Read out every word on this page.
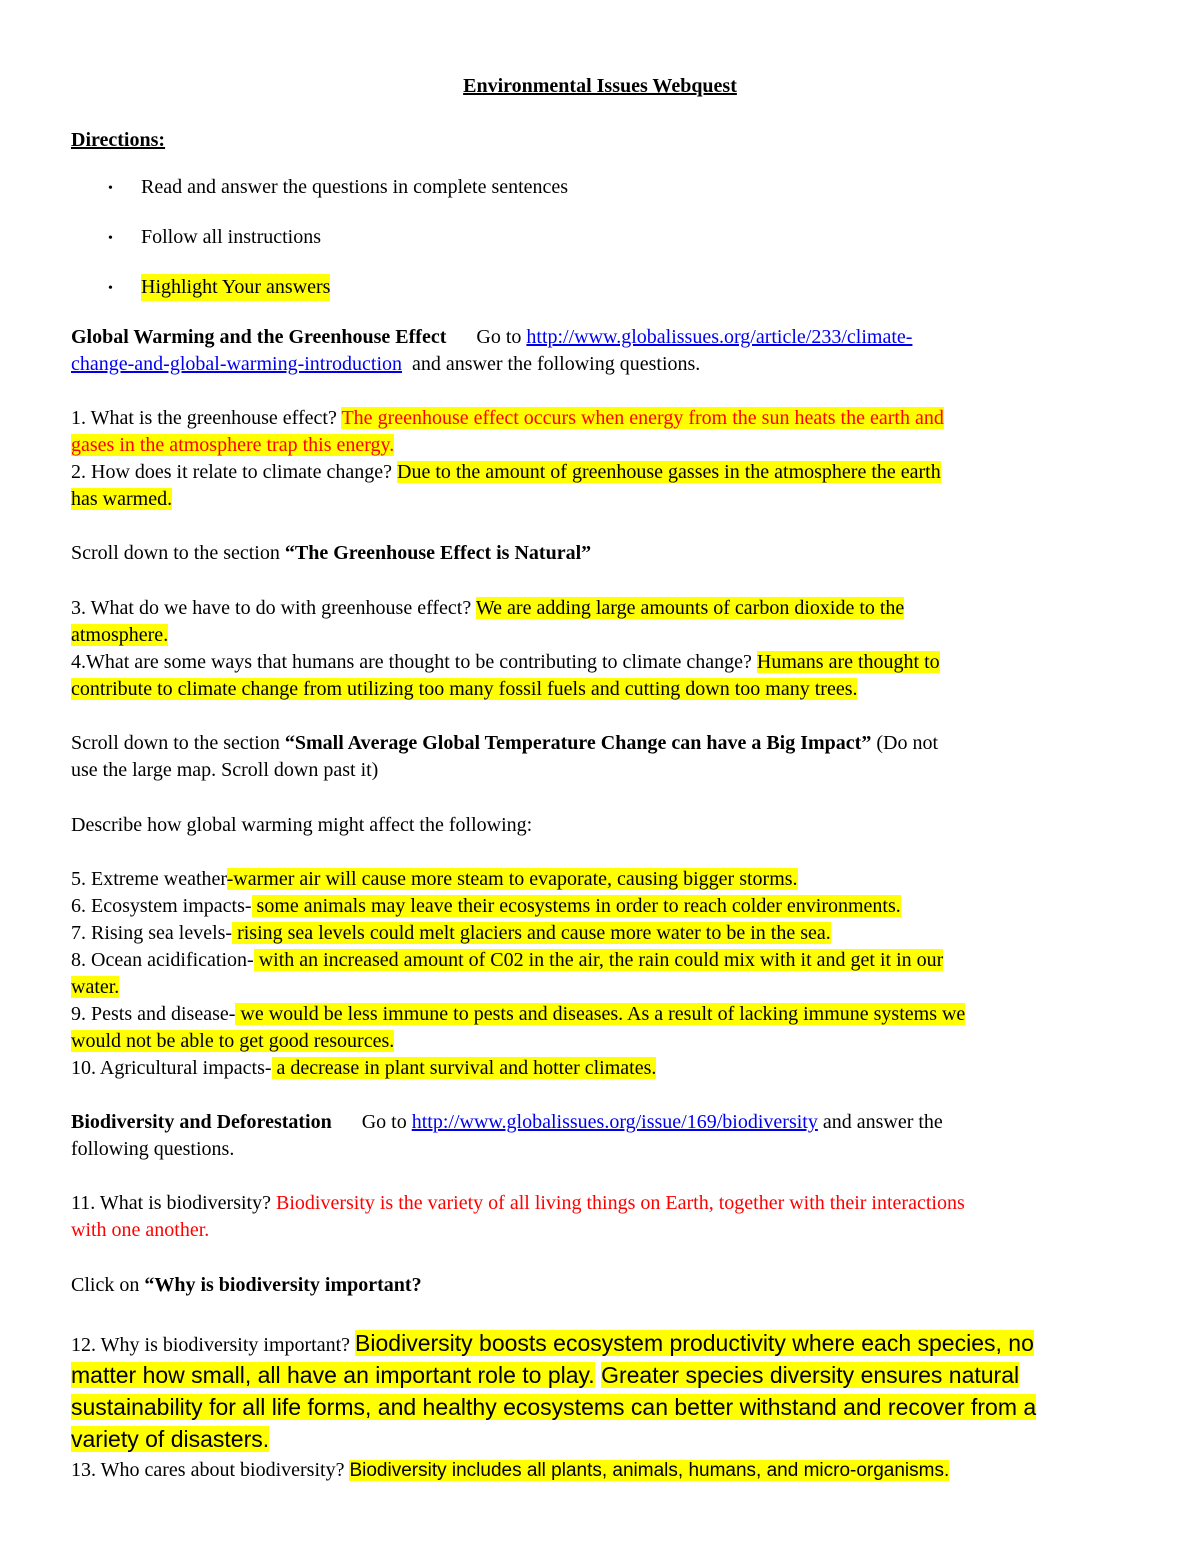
Environmental Issues Webquest
Directions:
• Read and answer the questions in complete sentences
• Follow all instructions
• Highlight Your answers
Global Warming and the Greenhouse Effect Go to http://www.globalissues.org/article/233/climate-
change-and-global-warming-introduction and answer the following questions.
1. What is the greenhouse effect? The greenhouse effect occurs when energy from the sun heats the earth and
gases in the atmosphere trap this energy.
2. How does it relate to climate change? Due to the amount of greenhouse gasses in the atmosphere the earth
has warmed.
Scroll down to the section “The Greenhouse Effect is Natural”
3. What do we have to do with greenhouse effect? We are adding large amounts of carbon dioxide to the
atmosphere.
4.What are some ways that humans are thought to be contributing to climate change? Humans are thought to
contribute to climate change from utilizing too many fossil fuels and cutting down too many trees.
Scroll down to the section “Small Average Global Temperature Change can have a Big Impact” (Do not
use the large map. Scroll down past it)
Describe how global warming might affect the following:
5. Extreme weather-warmer air will cause more steam to evaporate, causing bigger storms.
6. Ecosystem impacts- some animals may leave their ecosystems in order to reach colder environments.
7. Rising sea levels- rising sea levels could melt glaciers and cause more water to be in the sea.
8. Ocean acidification- with an increased amount of C02 in the air, the rain could mix with it and get it in our
water.
9. Pests and disease- we would be less immune to pests and diseases. As a result of lacking immune systems we
would not be able to get good resources.
10. Agricultural impacts- a decrease in plant survival and hotter climates.
Biodiversity and Deforestation Go to http://www.globalissues.org/issue/169/biodiversity and answer the
following questions.
11. What is biodiversity? Biodiversity is the variety of all living things on Earth, together with their interactions
with one another.
Click on “Why is biodiversity important?
12. Why is biodiversity important? Biodiversity boosts ecosystem productivity where each species, no
matter how small, all have an important role to play. Greater species diversity ensures natural
sustainability for all life forms, and healthy ecosystems can better withstand and recover from a
variety of disasters.
13. Who cares about biodiversity? Biodiversity includes all plants, animals, humans, and micro-organisms.
